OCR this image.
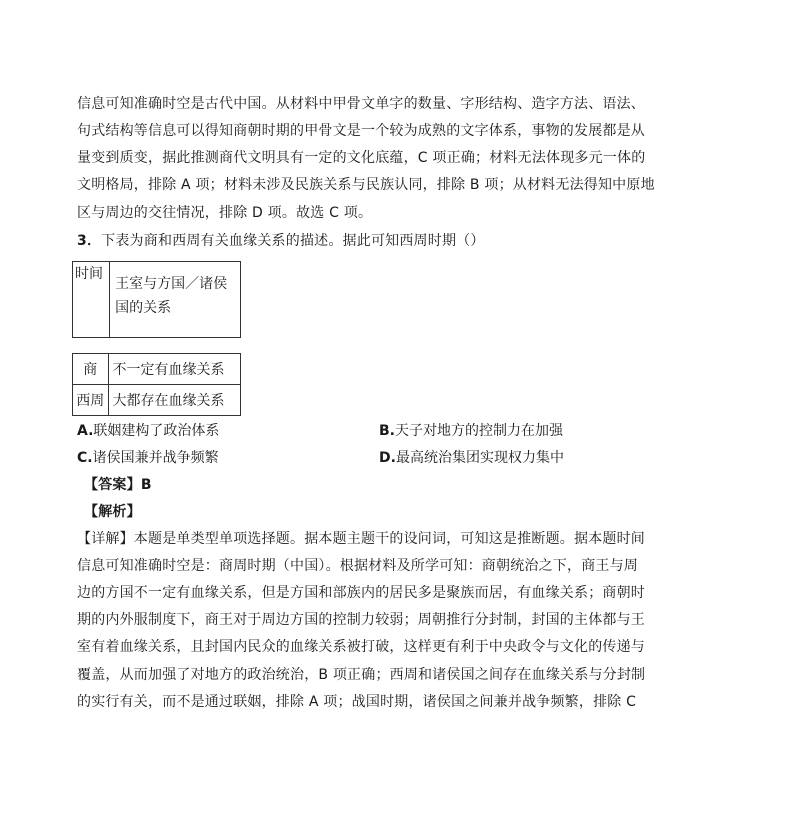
信息可知准确时空是古代中国。从材料中甲骨文单字的数量、字形结构、造字方法、语法、
句式结构等信息可以得知商朝时期的甲骨文是一个较为成熟的文字体系，事物的发展都是从
量变到质变，据此推测商代文明具有一定的文化底蕴，C 项正确；材料无法体现多元一体的
文明格局，排除 A 项；材料未涉及民族关系与民族认同，排除 B 项；从材料无法得知中原地
区与周边的交往情况，排除 D 项。故选 C 项。
3．下表为商和西周有关血缘关系的描述。据此可知西周时期（）
时间	王室与方国／诸侯国的关系
商	不一定有血缘关系
西周	大都存在血缘关系
A.联姻建构了政治体系	B.天子对地方的控制力在加强
C.诸侯国兼并战争频繁	D.最高统治集团实现权力集中
【答案】B
【解析】
【详解】本题是单类型单项选择题。据本题主题干的设问词，可知这是推断题。据本题时间
信息可知准确时空是：商周时期（中国）。根据材料及所学可知：商朝统治之下，商王与周
边的方国不一定有血缘关系，但是方国和部族内的居民多是聚族而居，有血缘关系；商朝时
期的内外服制度下，商王对于周边方国的控制力较弱；周朝推行分封制，封国的主体都与王
室有着血缘关系，且封国内民众的血缘关系被打破，这样更有利于中央政令与文化的传递与
覆盖，从而加强了对地方的政治统治，B 项正确；西周和诸侯国之间存在血缘关系与分封制
的实行有关，而不是通过联姻，排除 A 项；战国时期，诸侯国之间兼并战争频繁，排除 C
